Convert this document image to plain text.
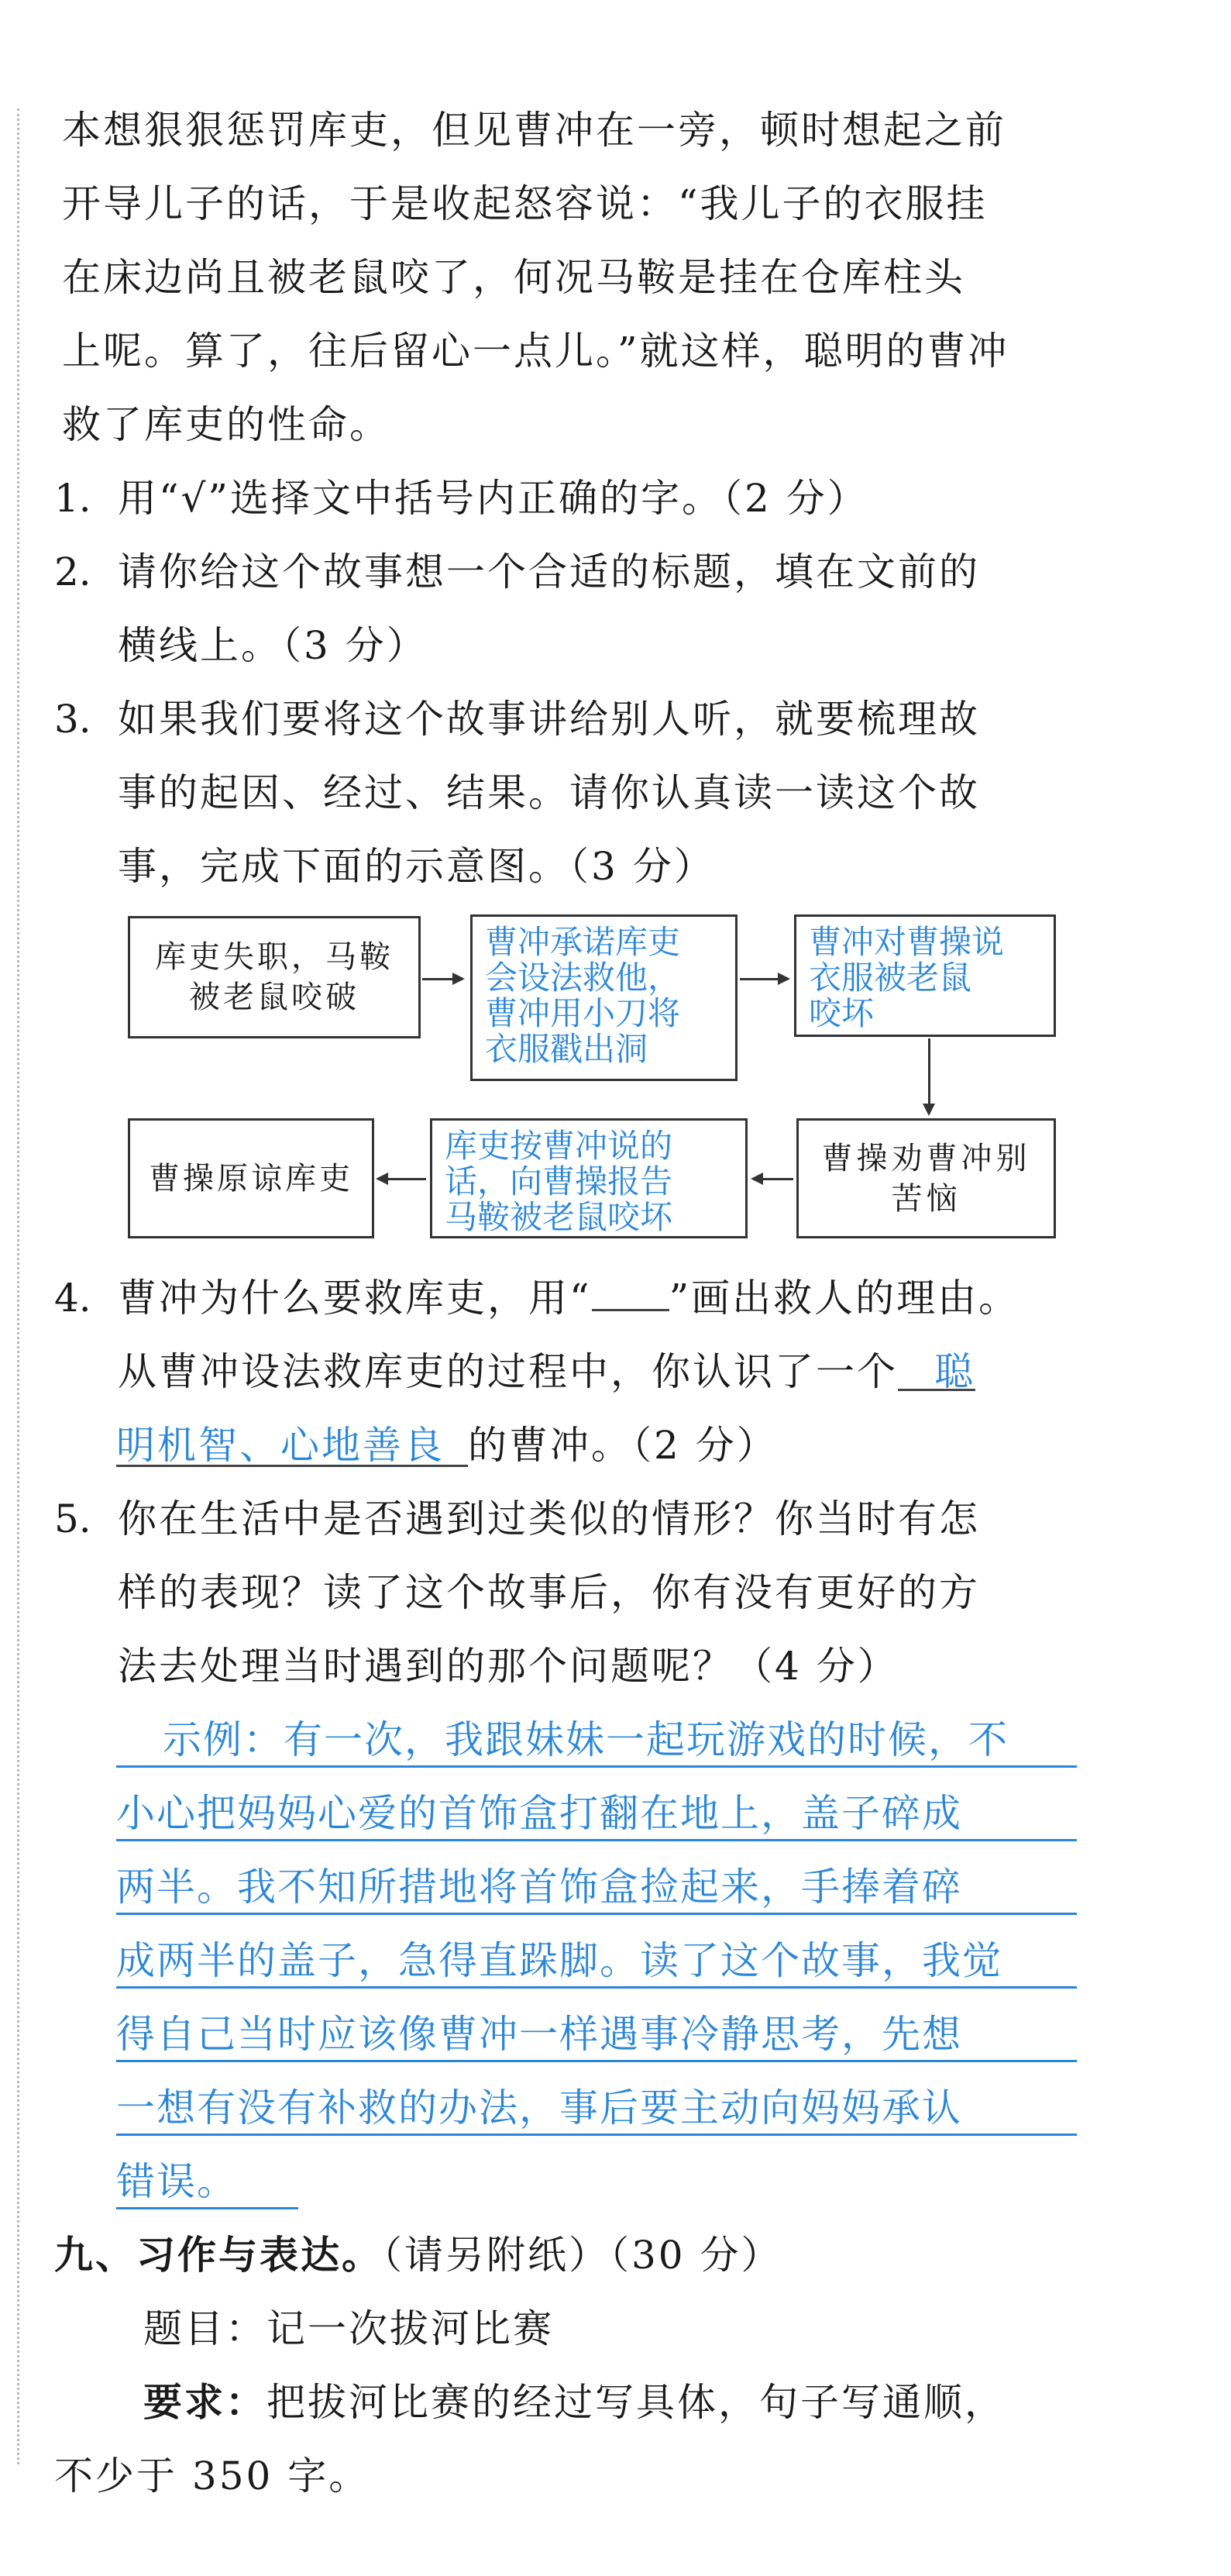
本想狠狠惩罚库吏，但见曹冲在一旁，顿时想起之前
开导儿子的话，于是收起怒容说：“我儿子的衣服挂
在床边尚且被老鼠咬了，何况马鞍是挂在仓库柱头
上呢。算了，往后留心一点儿。”就这样，聪明的曹冲
救了库吏的性命。
1. 用“√”选择文中括号内正确的字。（2 分）
2. 请你给这个故事想一个合适的标题，填在文前的
横线上。（3 分）
3. 如果我们要将这个故事讲给别人听，就要梳理故
事的起因、经过、结果。请你认真读一读这个故
事，完成下面的示意图。（3 分）
库吏失职，马鞍被老鼠咬破
曹冲承诺库吏
会设法救他，
曹冲用小刀将
衣服戳出洞
曹冲对曹操说
衣服被老鼠
咬坏
曹操劝曹冲别苦恼
库吏按曹冲说的
话，向曹操报告
马鞍被老鼠咬坏
曹操原谅库吏
4. 曹冲为什么要救库吏，用“ ”画出救人的理由。
从曹冲设法救库吏的过程中，你认识了一个 聪
明机智、心地善良 的曹冲。（2 分）
5. 你在生活中是否遇到过类似的情形？你当时有怎
样的表现？读了这个故事后，你有没有更好的方
法去处理当时遇到的那个问题呢？（4 分）
示例：有一次，我跟妹妹一起玩游戏的时候，不
小心把妈妈心爱的首饰盒打翻在地上，盖子碎成
两半。我不知所措地将首饰盒捡起来，手捧着碎
成两半的盖子，急得直跺脚。读了这个故事，我觉
得自己当时应该像曹冲一样遇事冷静思考，先想
一想有没有补救的办法，事后要主动向妈妈承认
错误。
九、习作与表达。（请另附纸）（30 分）
题目：记一次拔河比赛
要求：把拔河比赛的经过写具体，句子写通顺，
不少于 350 字。
